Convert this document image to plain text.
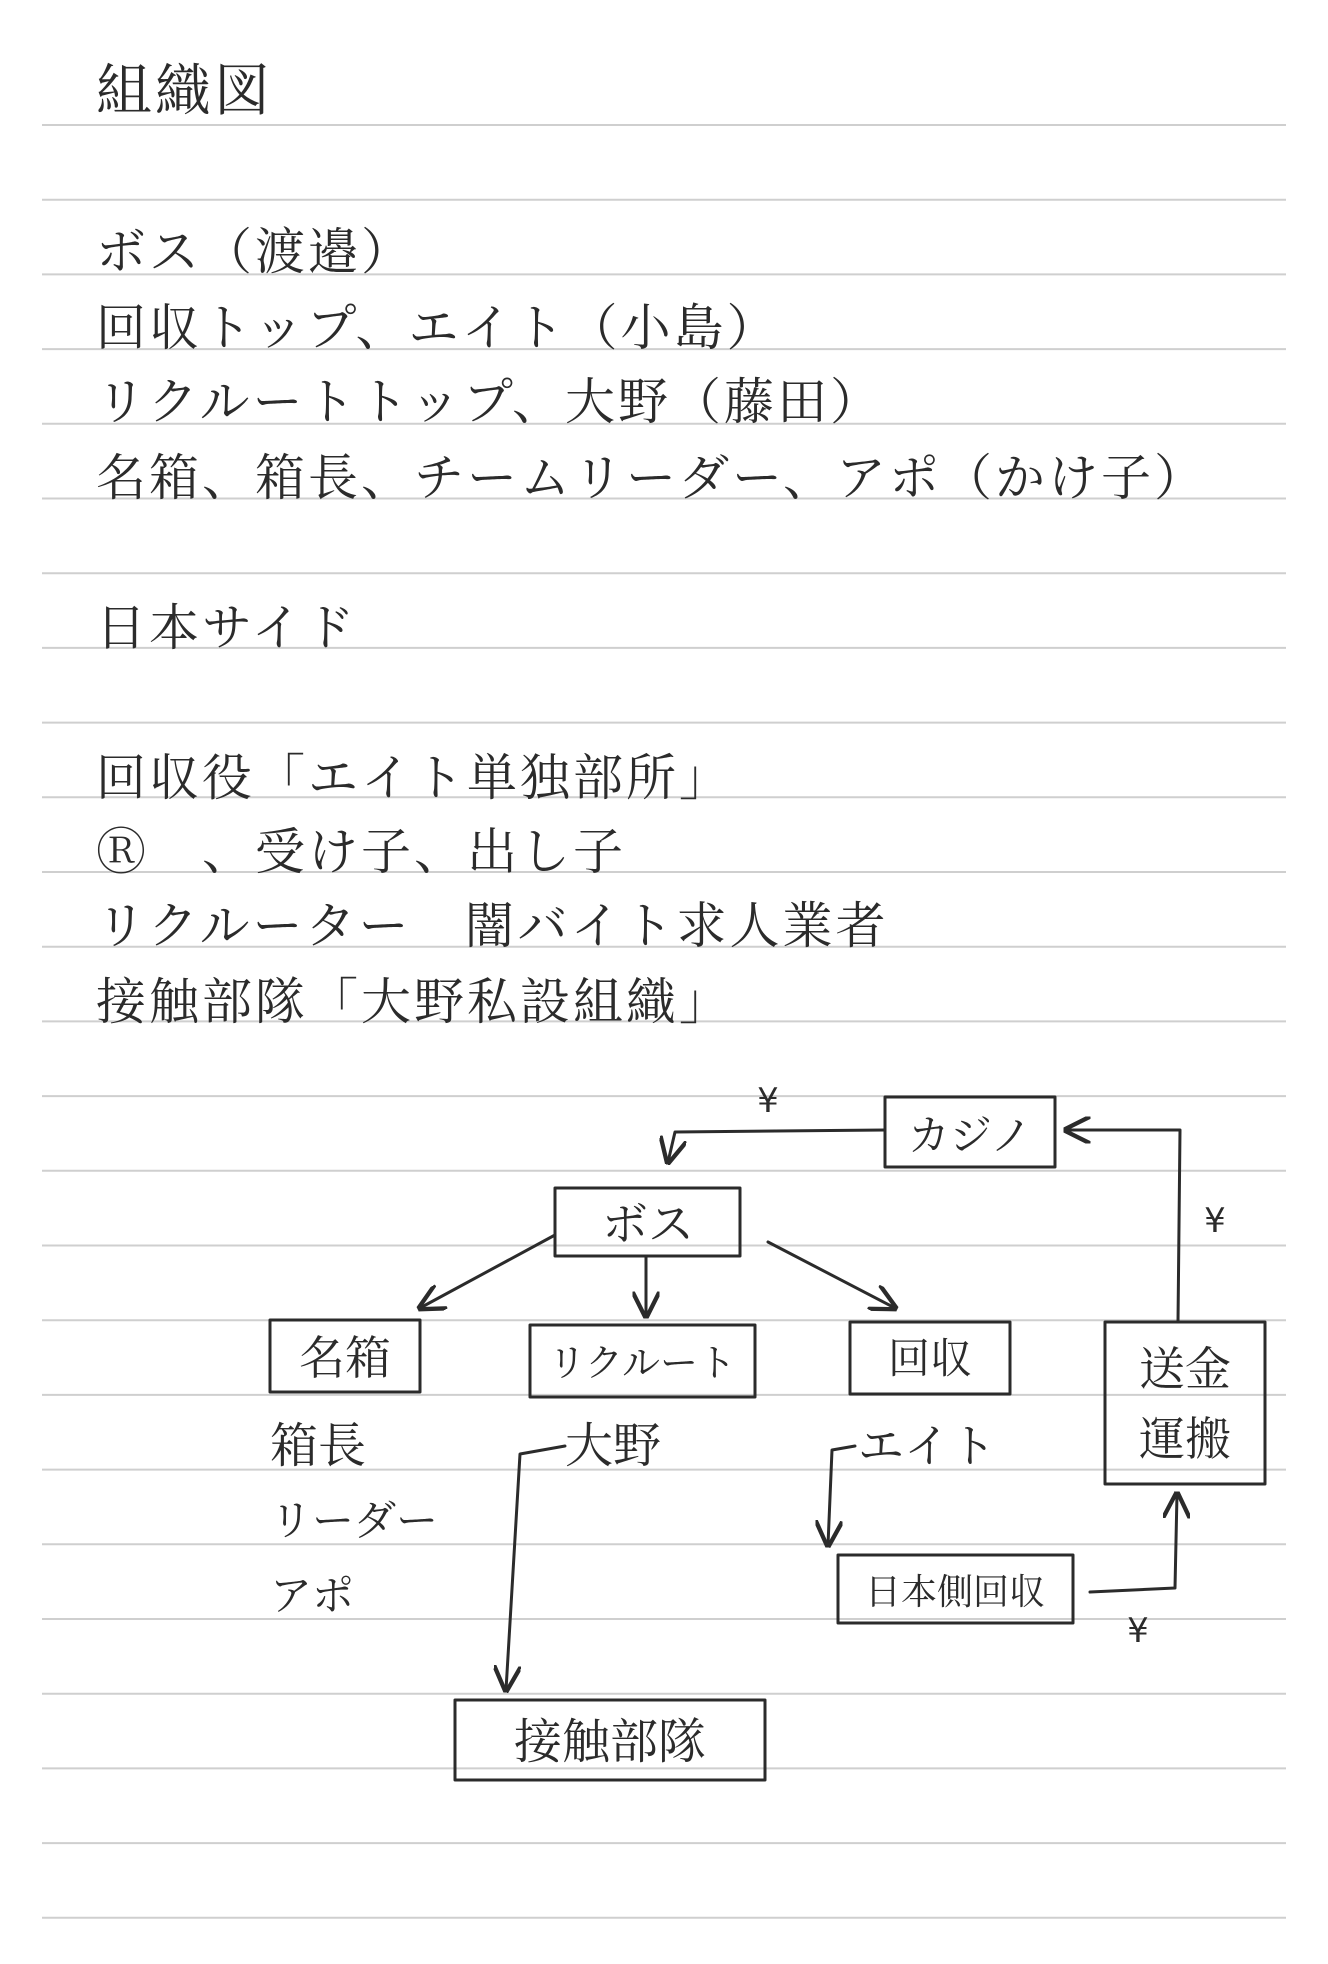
組織図

ボス（渡邉）

回収トップ、エイト（小島）

リクルートトップ、大野（藤田）

名箱、箱長、チームリーダー、アポ（かけ子）

日本サイド

回収役「エイト単独部所」

Ⓡ　、受け子、出し子

リクルーター　闇バイト求人業者

接触部隊「大野私設組織」

カジノ
ボス
名箱	リクルート	回収	送金
運搬
日本側回収
接触部隊
箱長
リーダー
アポ
大野	エイト
¥
¥
¥
